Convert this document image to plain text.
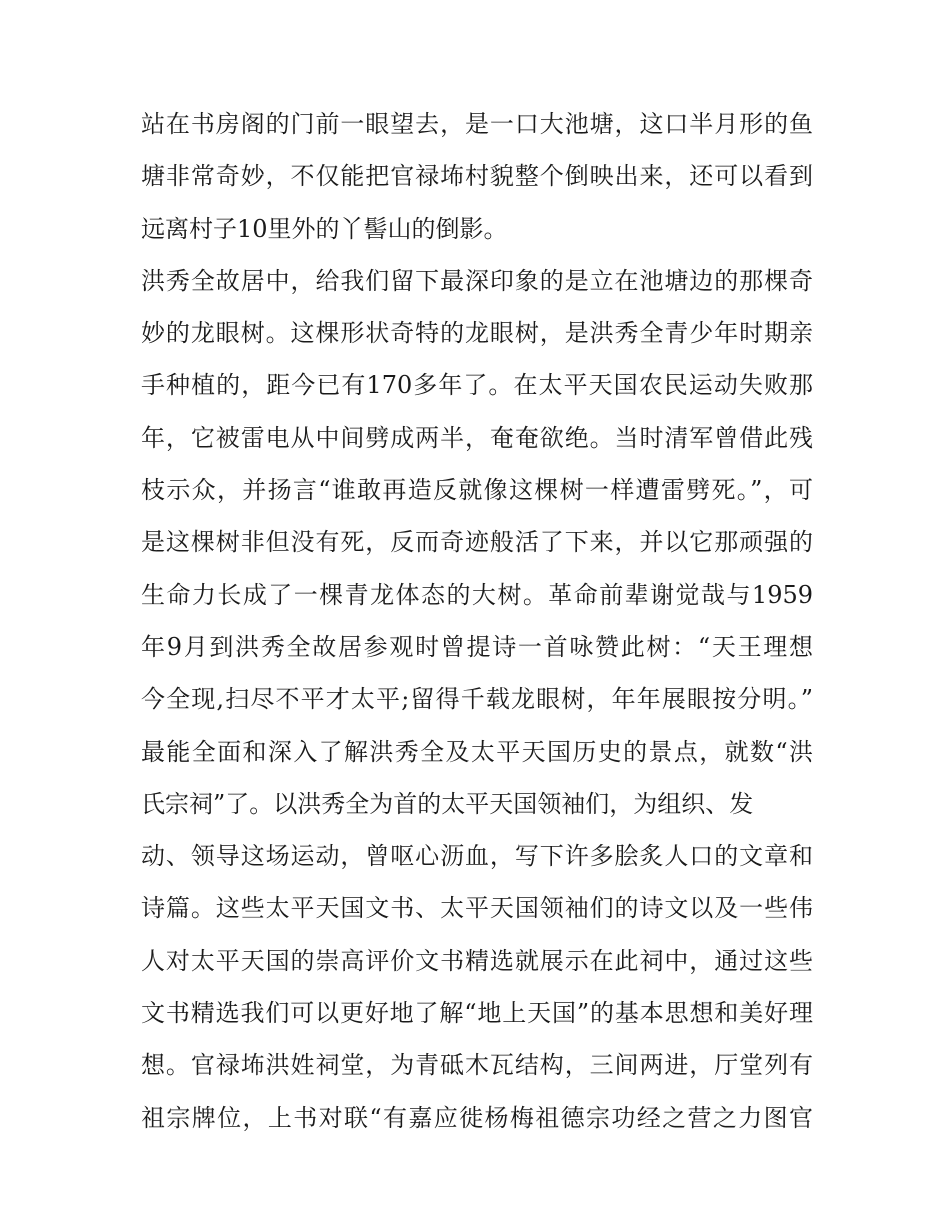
站在书房阁的门前一眼望去，是一口大池塘，这口半月形的鱼
塘非常奇妙，不仅能把官禄㘵村貌整个倒映出来，还可以看到
远离村子10里外的丫髻山的倒影。
洪秀全故居中，给我们留下最深印象的是立在池塘边的那棵奇
妙的龙眼树。这棵形状奇特的龙眼树，是洪秀全青少年时期亲
手种植的，距今已有170多年了。在太平天国农民运动失败那
年，它被雷电从中间劈成两半，奄奄欲绝。当时清军曾借此残
枝示众，并扬言“谁敢再造反就像这棵树一样遭雷劈死。”，可
是这棵树非但没有死，反而奇迹般活了下来，并以它那顽强的
生命力长成了一棵青龙体态的大树。革命前辈谢觉哉与1959
年9月到洪秀全故居参观时曾提诗一首咏赞此树：“天王理想
今全现,扫尽不平才太平;留得千载龙眼树，年年展眼按分明。”
最能全面和深入了解洪秀全及太平天国历史的景点，就数“洪
氏宗祠”了。以洪秀全为首的太平天国领袖们，为组织、发
动、领导这场运动，曾呕心沥血，写下许多脍炙人口的文章和
诗篇。这些太平天国文书、太平天国领袖们的诗文以及一些伟
人对太平天国的崇高评价文书精选就展示在此祠中，通过这些
文书精选我们可以更好地了解“地上天国”的基本思想和美好理
想。官禄㘵洪姓祠堂，为青砥木瓦结构，三间两进，厅堂列有
祖宗牌位，上书对联“有嘉应徙杨梅祖德宗功经之营之力图官
